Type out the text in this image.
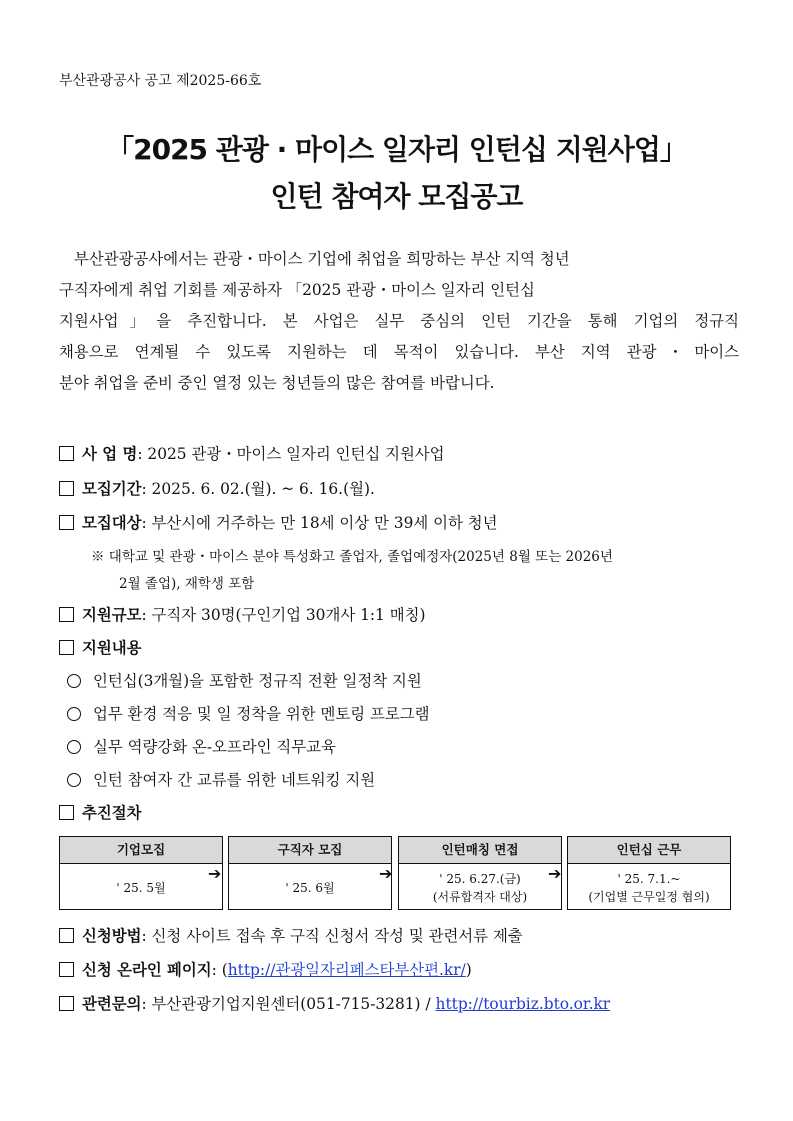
부산관광공사 공고 제2025-66호
「2025 관광 · 마이스 일자리 인턴십 지원사업」
인턴 참여자 모집공고
부산관광공사에서는 관광・마이스 기업에 취업을 희망하는 부산 지역 청년
구직자에게 취업 기회를 제공하자 「2025 관광・마이스 일자리 인턴십
지원사업」을 추진합니다. 본 사업은 실무 중심의 인턴 기간을 통해 기업의 정규직
채용으로 연계될 수 있도록 지원하는 데 목적이 있습니다. 부산 지역 관광・마이스
분야 취업을 준비 중인 열정 있는 청년들의 많은 참여를 바랍니다.
사 업 명: 2025 관광・마이스 일자리 인턴십 지원사업
모집기간: 2025. 6. 02.(월). ~ 6. 16.(월).
모집대상: 부산시에 거주하는 만 18세 이상 만 39세 이하 청년
※ 대학교 및 관광・마이스 분야 특성화고 졸업자, 졸업예정자(2025년 8월 또는 2026년
2월 졸업), 재학생 포함
지원규모: 구직자 30명(구인기업 30개사 1:1 매칭)
지원내용
인턴십(3개월)을 포함한 정규직 전환 일정착 지원
업무 환경 적응 및 일 정착을 위한 멘토링 프로그램
실무 역량강화 온-오프라인 직무교육
인턴 참여자 간 교류를 위한 네트워킹 지원
추진절차
신청방법: 신청 사이트 접속 후 구직 신청서 작성 및 관련서류 제출
신청 온라인 페이지: (http://관광일자리페스타부산편.kr/)
관련문의: 부산관광기업지원센터(051-715-3281) / http://tourbiz.bto.or.kr
기업모집
' 25. 5월
➔
구직자 모집
' 25. 6월
➔
인턴매칭 면접
' 25. 6.27.(금)
(서류합격자 대상)
➔
인턴십 근무
' 25. 7.1.~
(기업별 근무일정 협의)
